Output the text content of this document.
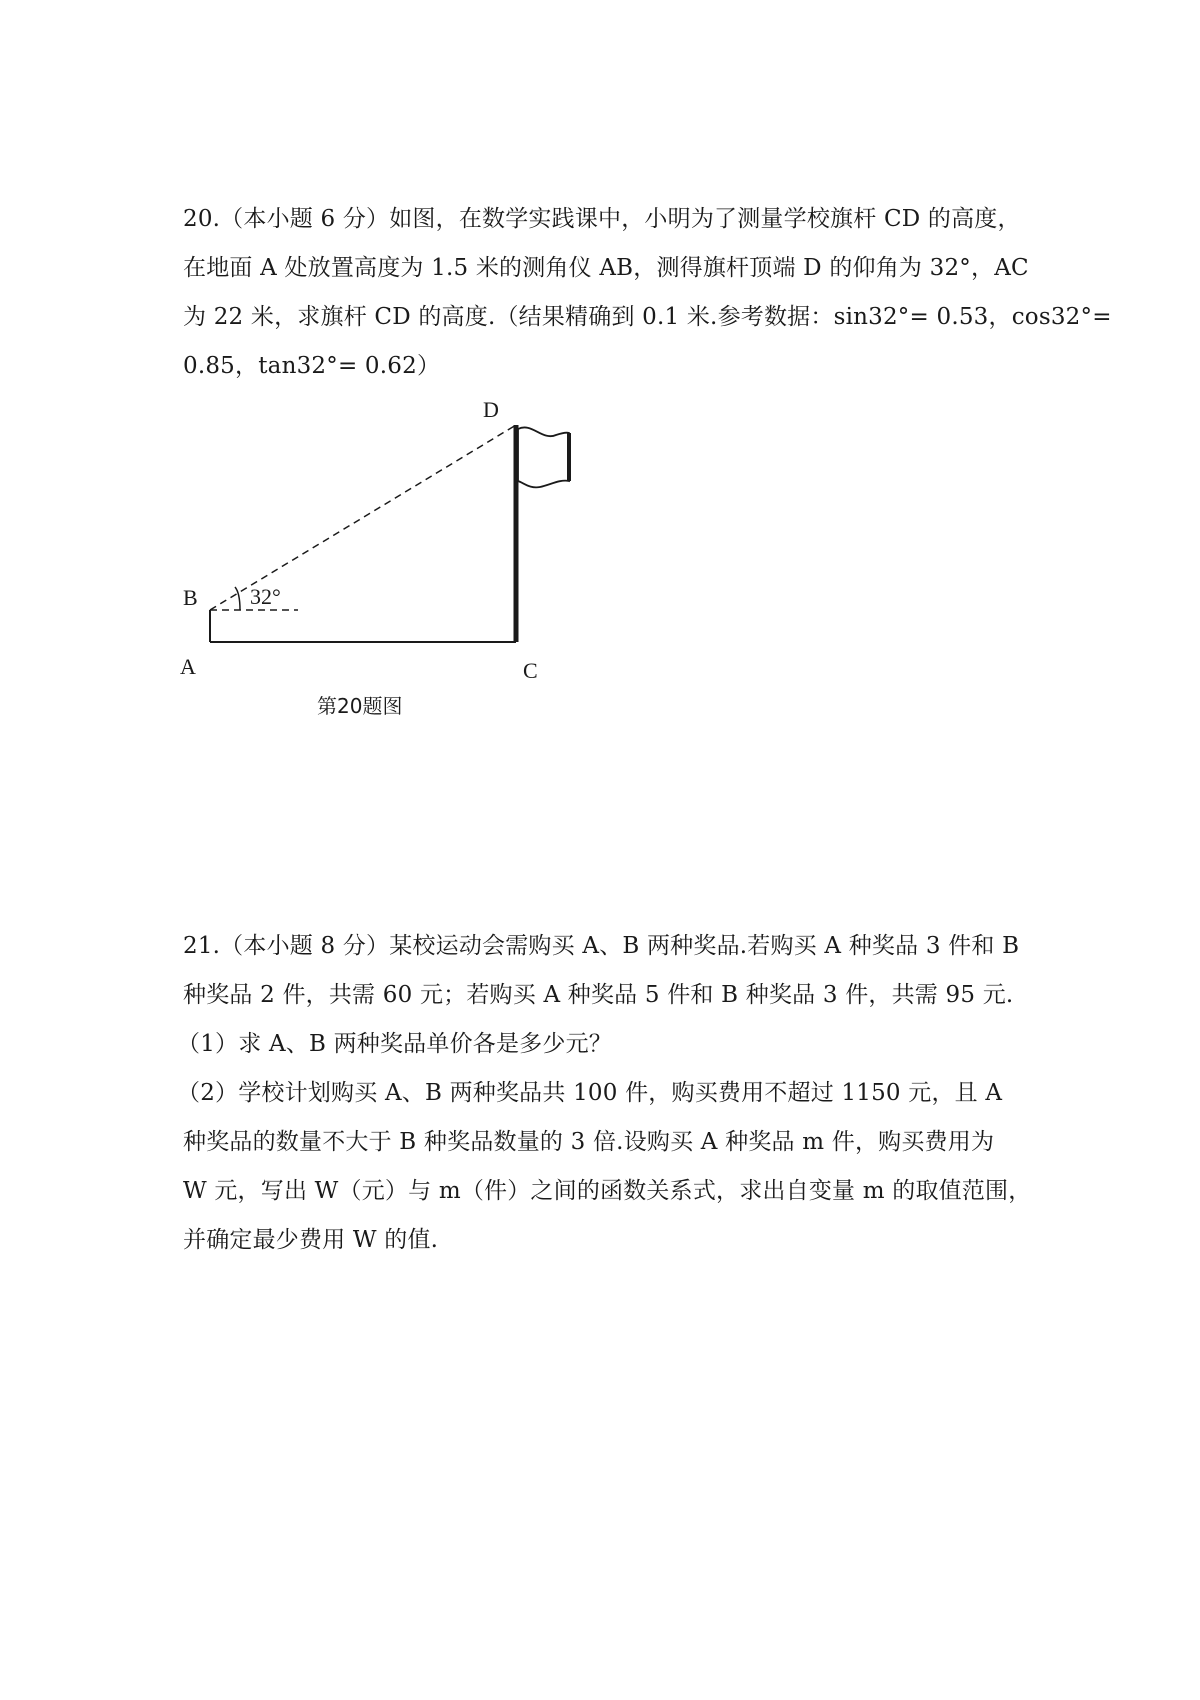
20.（本小题 6 分）如图，在数学实践课中，小明为了测量学校旗杆 CD 的高度，
在地面 A 处放置高度为 1.5 米的测角仪 AB，测得旗杆顶端 D 的仰角为 32°，AC
为 22 米，求旗杆 CD 的高度.（结果精确到 0.1 米.参考数据：sin32°= 0.53，cos32°=
0.85，tan32°= 0.62）
32°
B
A	C
D
第20题图
21.（本小题 8 分）某校运动会需购买 A、B 两种奖品.若购买 A 种奖品 3 件和 B
种奖品 2 件，共需 60 元；若购买 A 种奖品 5 件和 B 种奖品 3 件，共需 95 元.
（1）求 A、B 两种奖品单价各是多少元？
（2）学校计划购买 A、B 两种奖品共 100 件，购买费用不超过 1150 元，且 A
种奖品的数量不大于 B 种奖品数量的 3 倍.设购买 A 种奖品 m 件，购买费用为
W 元，写出 W（元）与 m（件）之间的函数关系式，求出自变量 m 的取值范围，
并确定最少费用 W 的值.
